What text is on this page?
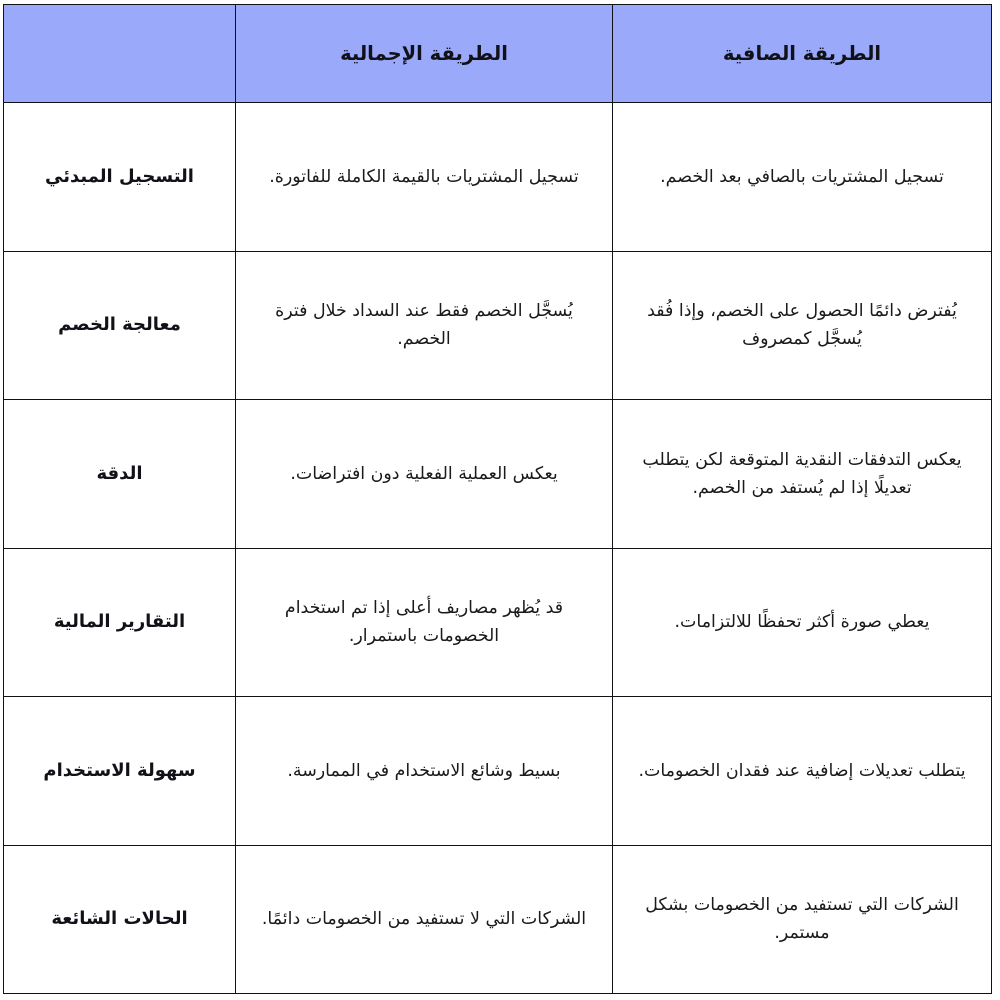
الطريقة الصافية	الطريقة الإجمالية	

تسجيل المشتريات بالصافي بعد الخصم.	تسجيل المشتريات بالقيمة الكاملة للفاتورة.	التسجيل المبدئي

يُفترض دائمًا الحصول على الخصم، وإذا فُقد يُسجَّل كمصروف	يُسجَّل الخصم فقط عند السداد خلال فترة الخصم.	معالجة الخصم

يعكس التدفقات النقدية المتوقعة لكن يتطلب تعديلًا إذا لم يُستفد من الخصم.	يعكس العملية الفعلية دون افتراضات.	الدقة

يعطي صورة أكثر تحفظًا للالتزامات.	قد يُظهر مصاريف أعلى إذا تم استخدام الخصومات باستمرار.	التقارير المالية

يتطلب تعديلات إضافية عند فقدان الخصومات.	بسيط وشائع الاستخدام في الممارسة.	سهولة الاستخدام

الشركات التي تستفيد من الخصومات بشكل مستمر.	الشركات التي لا تستفيد من الخصومات دائمًا.	الحالات الشائعة
